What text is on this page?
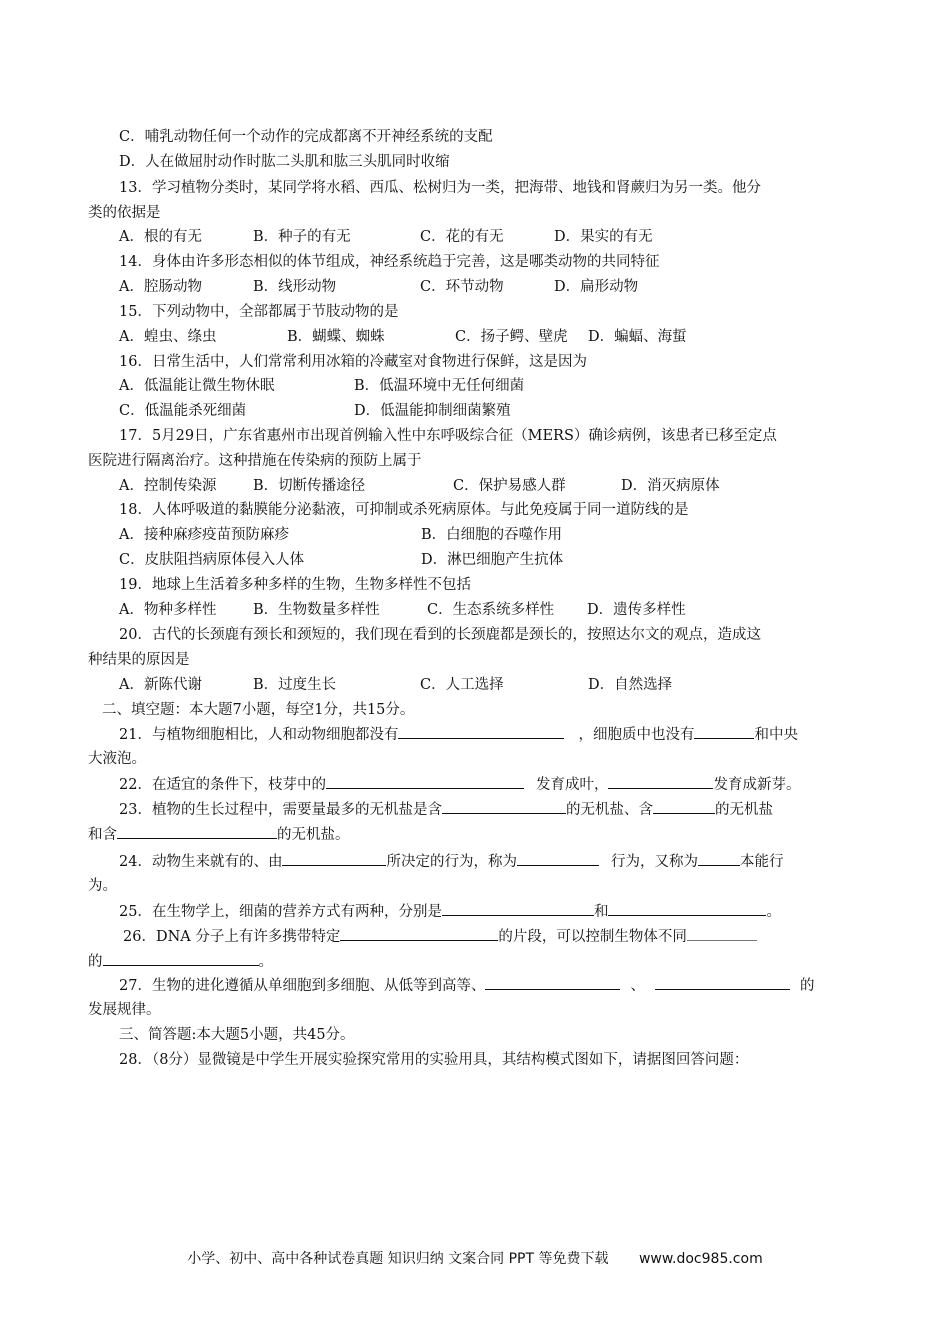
C．哺乳动物任何一个动作的完成都离不开神经系统的支配
D．人在做屈肘动作时肱二头肌和肱三头肌同时收缩
13．学习植物分类时，某同学将水稻、西瓜、松树归为一类，把海带、地钱和肾蕨归为另一类。他分
类的依据是
A．根的有无	B．种子的有无	C．花的有无	D．果实的有无
14．身体由许多形态相似的体节组成，神经系统趋于完善，这是哪类动物的共同特征
A．腔肠动物	B．线形动物	C．环节动物	D．扁形动物
15．下列动物中，全部都属于节肢动物的是
A．蝗虫、绦虫	B．蝴蝶、蜘蛛	C．扬子鳄、壁虎 D．蝙蝠、海蜇
16．日常生活中，人们常常利用冰箱的冷藏室对食物进行保鲜，这是因为
A．低温能让微生物休眠	B．低温环境中无任何细菌
C．低温能杀死细菌	D．低温能抑制细菌繁殖
17．5月29日，广东省惠州市出现首例输入性中东呼吸综合征（MERS）确诊病例，该患者已移至定点
医院进行隔离治疗。这种措施在传染病的预防上属于
A．控制传染源	B．切断传播途径	C．保护易感人群	D．消灭病原体
18．人体呼吸道的黏膜能分泌黏液，可抑制或杀死病原体。与此免疫属于同一道防线的是
A．接种麻疹疫苗预防麻疹	B．白细胞的吞噬作用
C．皮肤阻挡病原体侵入人体	D．淋巴细胞产生抗体
19．地球上生活着多种多样的生物，生物多样性不包括
A．物种多样性	B．生物数量多样性	C．生态系统多样性 D．遗传多样性
20．古代的长颈鹿有颈长和颈短的，我们现在看到的长颈鹿都是颈长的，按照达尔文的观点，造成这
种结果的原因是
A．新陈代谢	B．过度生长	C．人工选择	D．自然选择
二、填空题：本大题7小题，每空1分，共15分。
21．与植物细胞相比，人和动物细胞都没有	，细胞质中也没有	和中央
大液泡。
22．在适宜的条件下，枝芽中的	发育成叶，	发育成新芽。
23．植物的生长过程中，需要量最多的无机盐是含	的无机盐、含	的无机盐
和含	的无机盐。
24．动物生来就有的、由	所决定的行为，称为	行为，又称为	本能行
为。
25．在生物学上，细菌的营养方式有两种，分别是	和	。
26．DNA 分子上有许多携带特定	的片段，可以控制生物体不同
的	。
27．生物的进化遵循从单细胞到多细胞、从低等到高等、	、	的
发展规律。
三、简答题:本大题5小题，共45分。
28．（8分）显微镜是中学生开展实验探究常用的实验用具，其结构模式图如下，请据图回答问题：
小学、初中、高中各种试卷真题 知识归纳 文案合同 PPT 等免费下载 www.doc985.com
